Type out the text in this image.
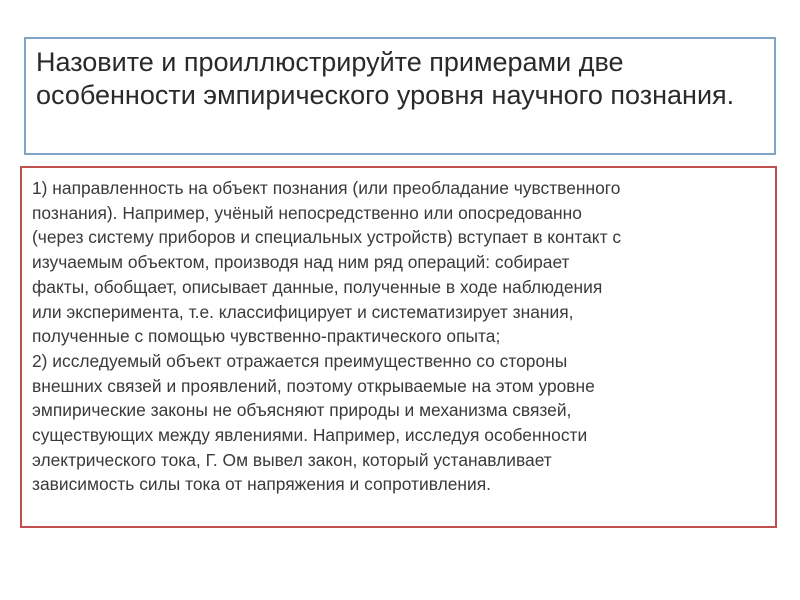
Назовите и проиллюстрируйте примерами две особенности эмпирического уровня научного познания.

1) направленность на объект познания (или преобладание чувственного
познания). Например, учёный непосредственно или опосредованно
(через систему приборов и специальных устройств) вступает в контакт с
изучаемым объектом, производя над ним ряд операций: собирает
факты, обобщает, описывает данные, полученные в ходе наблюдения
или эксперимента, т.е. классифицирует и систематизирует знания,
полученные с помощью чувственно-практического опыта;

2) исследуемый объект отражается преимущественно со стороны
внешних связей и проявлений, поэтому открываемые на этом уровне
эмпирические законы не объясняют природы и механизма связей,
существующих между явлениями. Например, исследуя особенности
электрического тока, Г. Ом вывел закон, который устанавливает
зависимость силы тока от напряжения и сопротивления.
